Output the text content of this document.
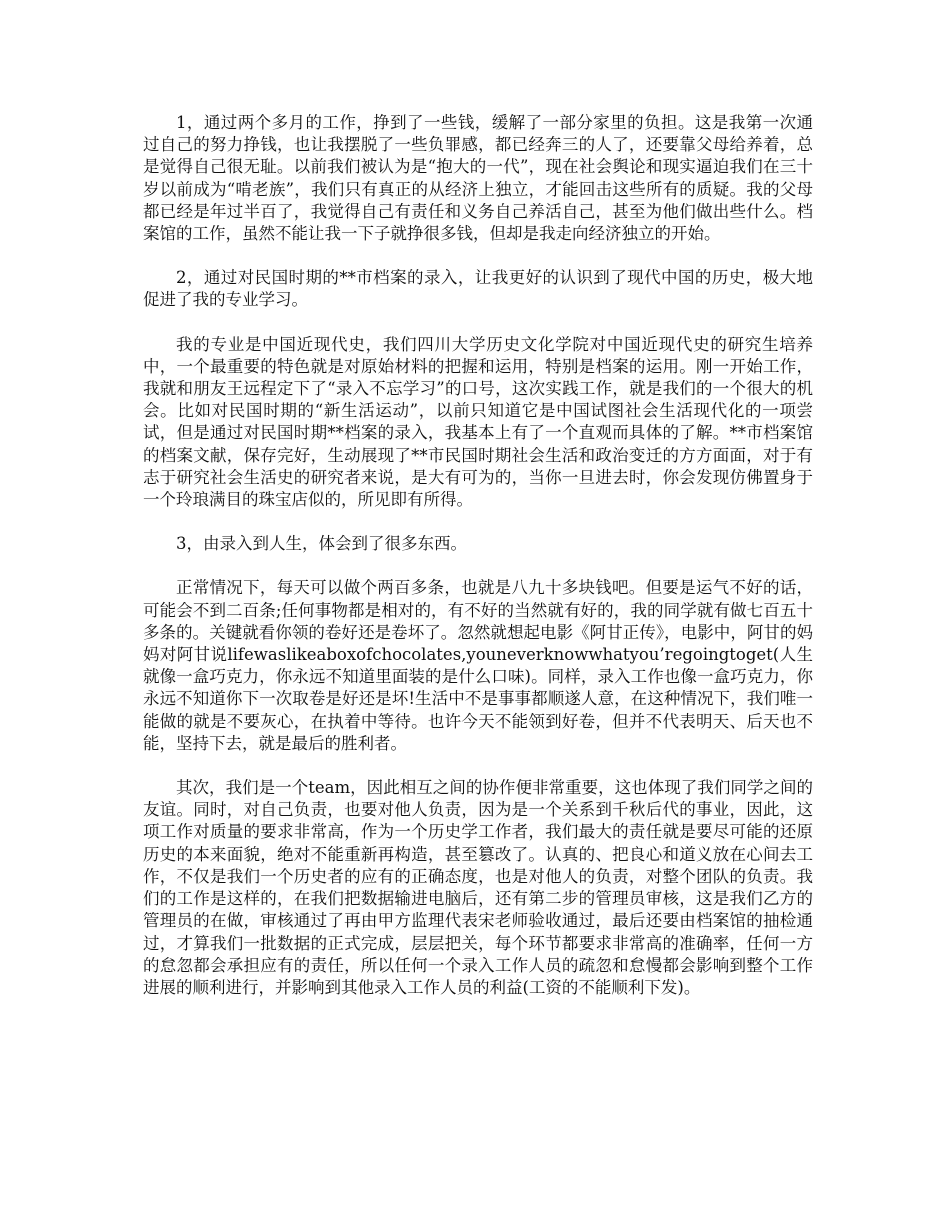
1，通过两个多月的工作，挣到了一些钱，缓解了一部分家里的负担。这是我第一次通过自己的努力挣钱，也让我摆脱了一些负罪感，都已经奔三的人了，还要靠父母给养着，总是觉得自己很无耻。以前我们被认为是“抱大的一代”，现在社会舆论和现实逼迫我们在三十岁以前成为“啃老族”，我们只有真正的从经济上独立，才能回击这些所有的质疑。我的父母都已经是年过半百了，我觉得自己有责任和义务自己养活自己，甚至为他们做出些什么。档案馆的工作，虽然不能让我一下子就挣很多钱，但却是我走向经济独立的开始。

2，通过对民国时期的**市档案的录入，让我更好的认识到了现代中国的历史，极大地促进了我的专业学习。

我的专业是中国近现代史，我们四川大学历史文化学院对中国近现代史的研究生培养中，一个最重要的特色就是对原始材料的把握和运用，特别是档案的运用。刚一开始工作，我就和朋友王远程定下了“录入不忘学习”的口号，这次实践工作，就是我们的一个很大的机会。比如对民国时期的“新生活运动”，以前只知道它是中国试图社会生活现代化的一项尝试，但是通过对民国时期**档案的录入，我基本上有了一个直观而具体的了解。**市档案馆的档案文献，保存完好，生动展现了**市民国时期社会生活和政治变迁的方方面面，对于有志于研究社会生活史的研究者来说，是大有可为的，当你一旦进去时，你会发现仿佛置身于一个玲琅满目的珠宝店似的，所见即有所得。

3，由录入到人生，体会到了很多东西。

正常情况下，每天可以做个两百多条，也就是八九十多块钱吧。但要是运气不好的话，可能会不到二百条;任何事物都是相对的，有不好的当然就有好的，我的同学就有做七百五十多条的。关键就看你领的卷好还是卷坏了。忽然就想起电影《阿甘正传》，电影中，阿甘的妈妈对阿甘说lifewaslikeaboxofchocolates,youneverknowwhatyou’regoingtoget(人生就像一盒巧克力，你永远不知道里面装的是什么口味)。同样，录入工作也像一盒巧克力，你永远不知道你下一次取卷是好还是坏!生活中不是事事都顺遂人意，在这种情况下，我们唯一能做的就是不要灰心，在执着中等待。也许今天不能领到好卷，但并不代表明天、后天也不能，坚持下去，就是最后的胜利者。

其次，我们是一个team，因此相互之间的协作便非常重要，这也体现了我们同学之间的友谊。同时，对自己负责，也要对他人负责，因为是一个关系到千秋后代的事业，因此，这项工作对质量的要求非常高，作为一个历史学工作者，我们最大的责任就是要尽可能的还原历史的本来面貌，绝对不能重新再构造，甚至篡改了。认真的、把良心和道义放在心间去工作，不仅是我们一个历史者的应有的正确态度，也是对他人的负责，对整个团队的负责。我们的工作是这样的，在我们把数据输进电脑后，还有第二步的管理员审核，这是我们乙方的管理员的在做，审核通过了再由甲方监理代表宋老师验收通过，最后还要由档案馆的抽检通过，才算我们一批数据的正式完成，层层把关，每个环节都要求非常高的准确率，任何一方的怠忽都会承担应有的责任，所以任何一个录入工作人员的疏忽和怠慢都会影响到整个工作进展的顺利进行，并影响到其他录入工作人员的利益(工资的不能顺利下发)。
